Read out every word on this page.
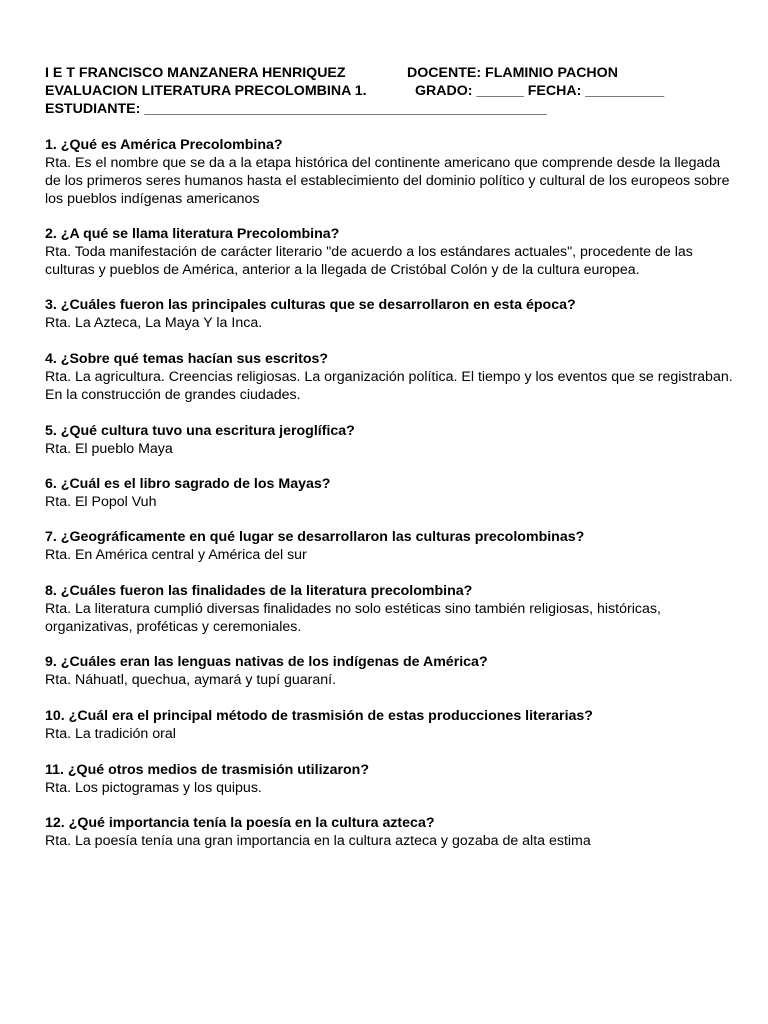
I E T FRANCISCO MANZANERA HENRIQUEZ	DOCENTE: FLAMINIO PACHON
EVALUACION LITERATURA PRECOLOMBINA 1.	GRADO: ______ FECHA: __________
ESTUDIANTE: ___________________________________________________
1. ¿Qué es América Precolombina?
Rta. Es el nombre que se da a la etapa histórica del continente americano que comprende desde la llegada de los primeros seres humanos hasta el establecimiento del dominio político y cultural de los europeos sobre los pueblos indígenas americanos
2. ¿A qué se llama literatura Precolombina?
Rta. Toda manifestación de carácter literario "de acuerdo a los estándares actuales", procedente de las culturas y pueblos de América, anterior a la llegada de Cristóbal Colón y de la cultura europea.
3. ¿Cuáles fueron las principales culturas que se desarrollaron en esta época?
Rta. La Azteca, La Maya Y la Inca.
4. ¿Sobre qué temas hacían sus escritos?
Rta. La agricultura. Creencias religiosas. La organización política. El tiempo y los eventos que se registraban. En la construcción de grandes ciudades.
5. ¿Qué cultura tuvo una escritura jeroglífica?
Rta. El pueblo Maya
6. ¿Cuál es el libro sagrado de los Mayas?
Rta. El Popol Vuh
7. ¿Geográficamente en qué lugar se desarrollaron las culturas precolombinas?
Rta. En América central y América del sur
8. ¿Cuáles fueron las finalidades de la literatura precolombina?
Rta. La literatura cumplió diversas finalidades no solo estéticas sino también religiosas, históricas, organizativas, proféticas y ceremoniales.
9. ¿Cuáles eran las lenguas nativas de los indígenas de América?
Rta. Náhuatl, quechua, aymará y tupí guaraní.
10. ¿Cuál era el principal método de trasmisión de estas producciones literarias?
Rta. La tradición oral
11. ¿Qué otros medios de trasmisión utilizaron?
Rta. Los pictogramas y los quipus.
12. ¿Qué importancia tenía la poesía en la cultura azteca?
Rta. La poesía tenía una gran importancia en la cultura azteca y gozaba de alta estima
